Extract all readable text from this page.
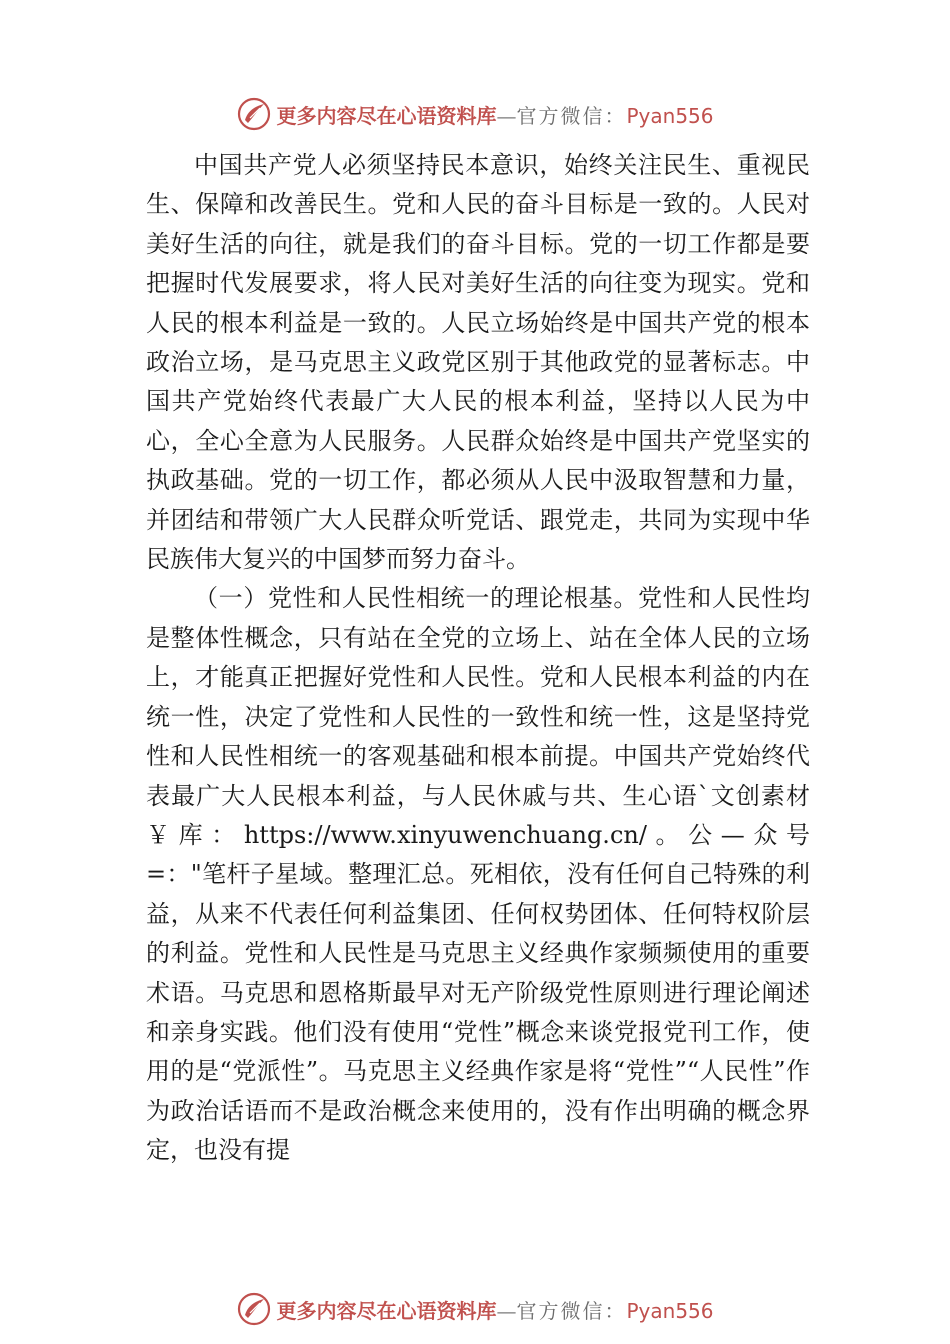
更多内容尽在心语资料库—官方微信：Pyan556

中国共产党人必须坚持民本意识，始终关注民生、重视民生、保障和改善民生。党和人民的奋斗目标是一致的。人民对美好生活的向往，就是我们的奋斗目标。党的一切工作都是要把握时代发展要求，将人民对美好生活的向往变为现实。党和人民的根本利益是一致的。人民立场始终是中国共产党的根本政治立场，是马克思主义政党区别于其他政党的显著标志。中国共产党始终代表最广大人民的根本利益，坚持以人民为中心，全心全意为人民服务。人民群众始终是中国共产党坚实的执政基础。党的一切工作，都必须从人民中汲取智慧和力量，并团结和带领广大人民群众听党话、跟党走，共同为实现中华民族伟大复兴的中国梦而努力奋斗。

（一）党性和人民性相统一的理论根基。党性和人民性均是整体性概念，只有站在全党的立场上、站在全体人民的立场上，才能真正把握好党性和人民性。党和人民根本利益的内在统一性，决定了党性和人民性的一致性和统一性，这是坚持党性和人民性相统一的客观基础和根本前提。中国共产党始终代表最广大人民根本利益，与人民休戚与共、生心语`文创素材￥库：https://www.xinyuwenchuang.cn/。公—众号=："笔杆子星域。整理汇总。死相依，没有任何自己特殊的利益，从来不代表任何利益集团、任何权势团体、任何特权阶层的利益。党性和人民性是马克思主义经典作家频频使用的重要术语。马克思和恩格斯最早对无产阶级党性原则进行理论阐述和亲身实践。他们没有使用“党性”概念来谈党报党刊工作，使用的是“党派性”。马克思主义经典作家是将“党性”“人民性”作为政治话语而不是政治概念来使用的，没有作出明确的概念界定，也没有提

更多内容尽在心语资料库—官方微信：Pyan556
